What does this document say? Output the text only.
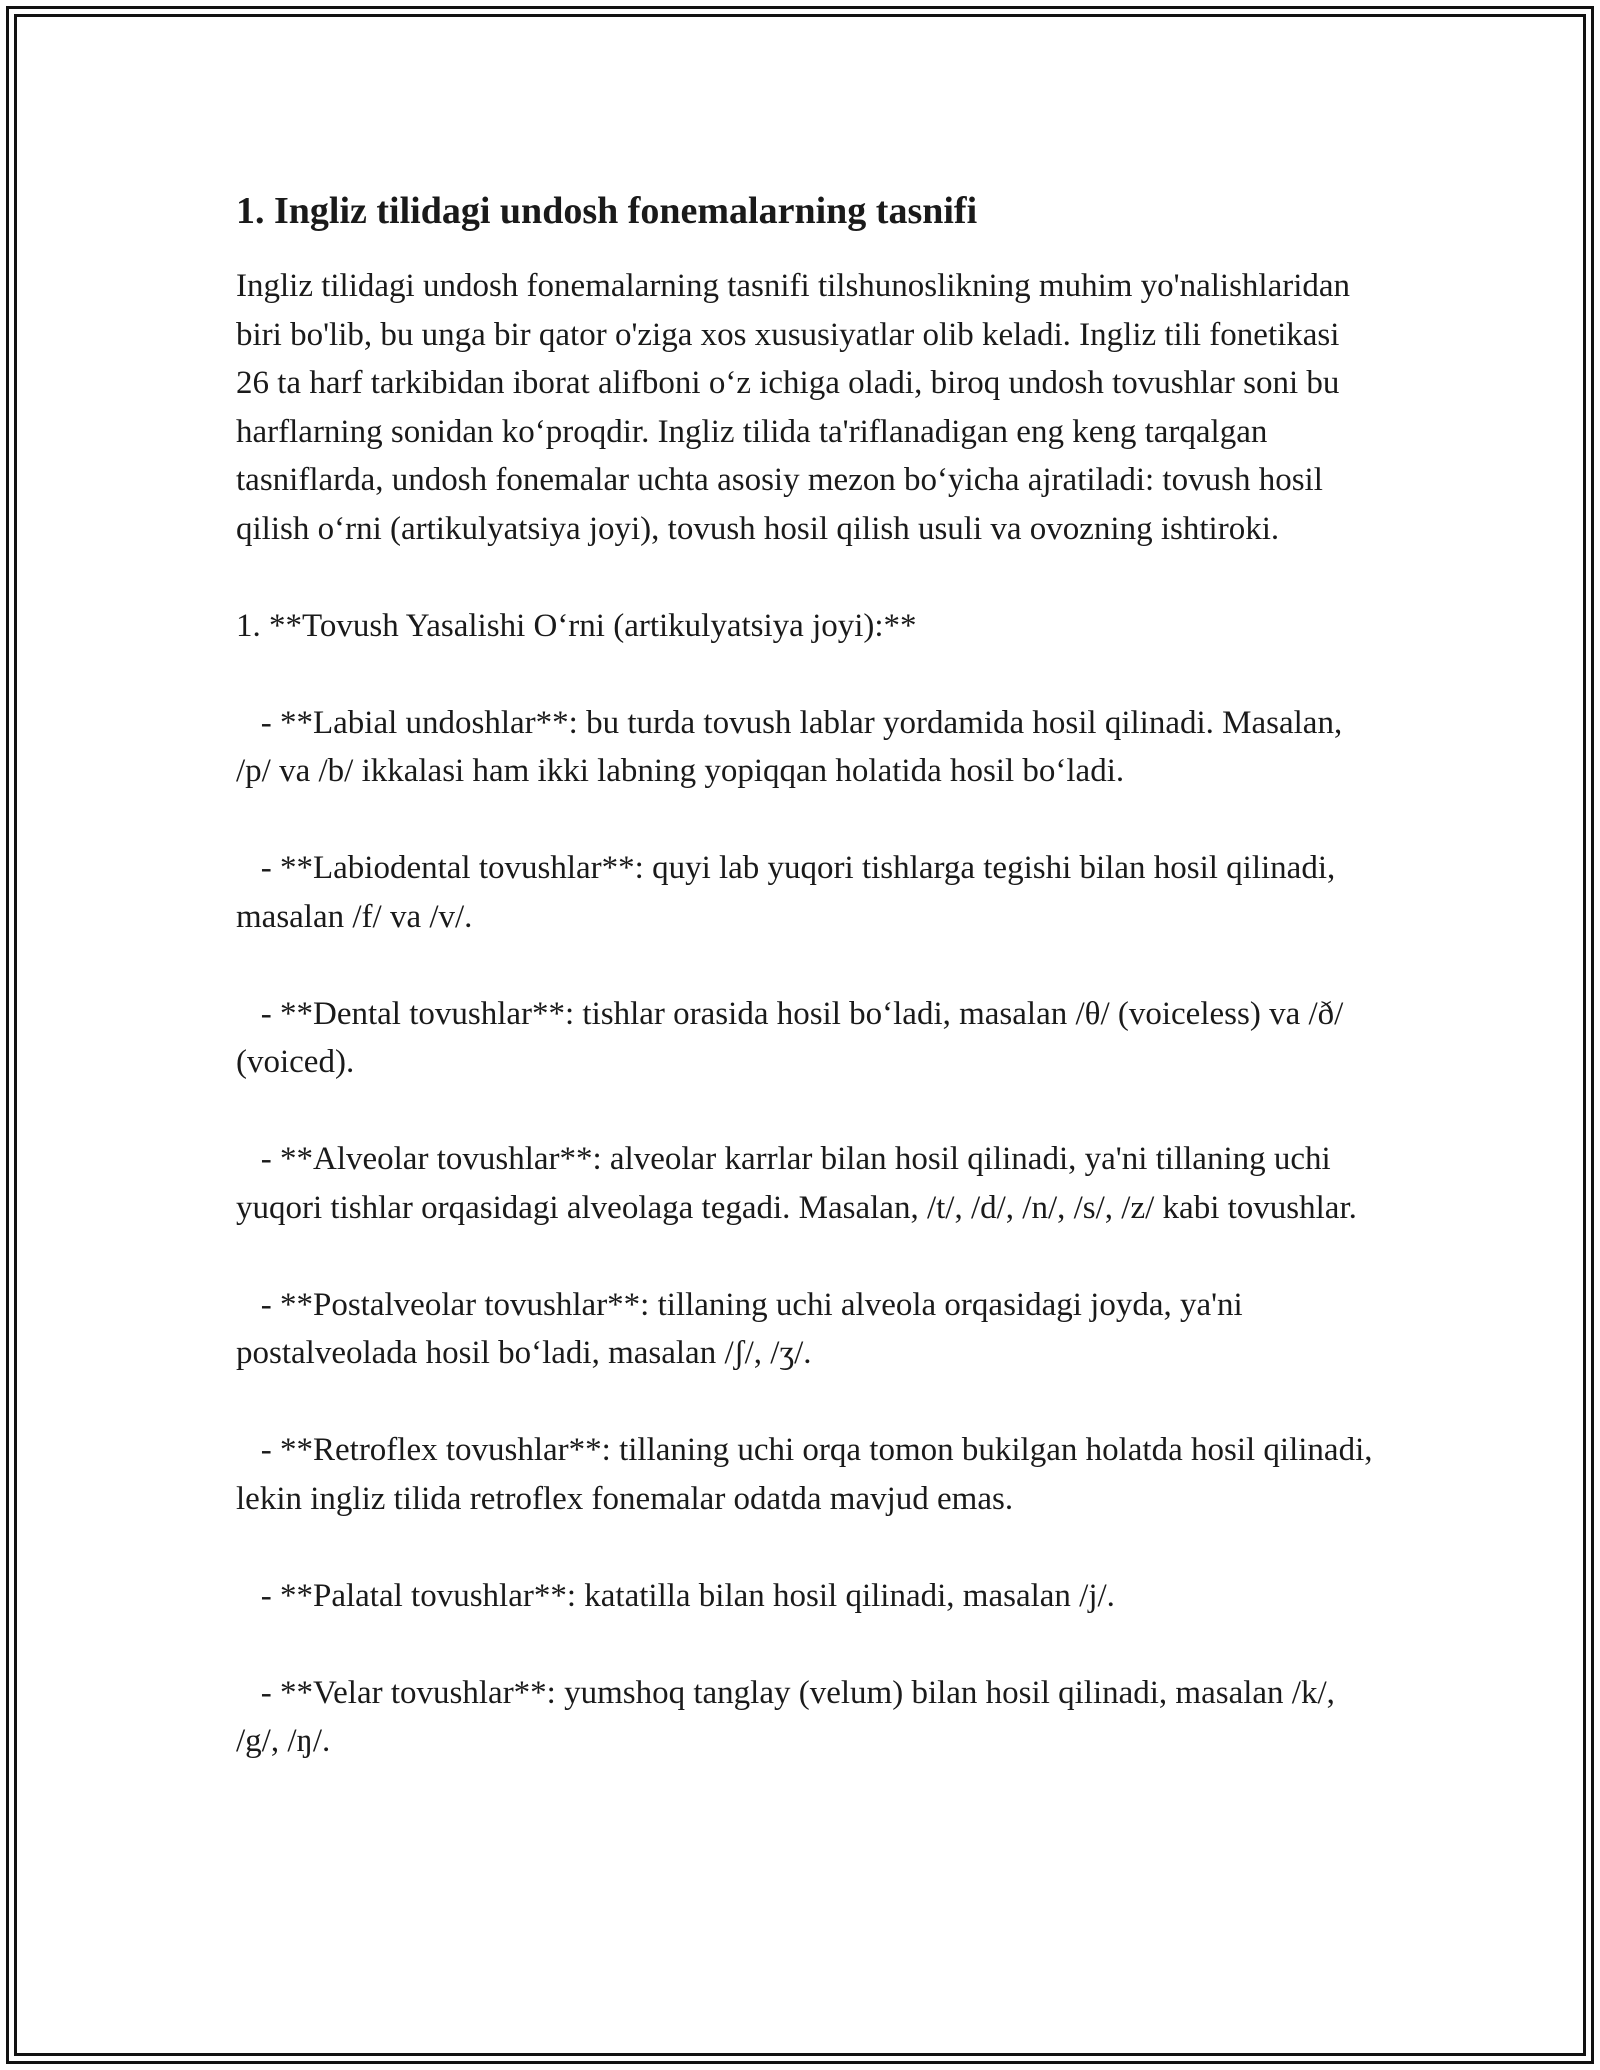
1. Ingliz tilidagi undosh fonemalarning tasnifi

Ingliz tilidagi undosh fonemalarning tasnifi tilshunoslikning muhim yo'nalishlaridan biri bo'lib, bu unga bir qator o'ziga xos xususiyatlar olib keladi. Ingliz tili fonetikasi 26 ta harf tarkibidan iborat alifboni o‘z ichiga oladi, biroq undosh tovushlar soni bu harflarning sonidan ko‘proqdir. Ingliz tilida ta'riflanadigan eng keng tarqalgan tasniflarda, undosh fonemalar uchta asosiy mezon bo‘yicha ajratiladi: tovush hosil qilish o‘rni (artikulyatsiya joyi), tovush hosil qilish usuli va ovozning ishtiroki.

1. **Tovush Yasalishi O‘rni (artikulyatsiya joyi):**

- **Labial undoshlar**: bu turda tovush lablar yordamida hosil qilinadi. Masalan, /p/ va /b/ ikkalasi ham ikki labning yopiqqan holatida hosil bo‘ladi.

- **Labiodental tovushlar**: quyi lab yuqori tishlarga tegishi bilan hosil qilinadi, masalan /f/ va /v/.

- **Dental tovushlar**: tishlar orasida hosil bo‘ladi, masalan /θ/ (voiceless) va /ð/ (voiced).

- **Alveolar tovushlar**: alveolar karrlar bilan hosil qilinadi, ya'ni tillaning uchi yuqori tishlar orqasidagi alveolaga tegadi. Masalan, /t/, /d/, /n/, /s/, /z/ kabi tovushlar.

- **Postalveolar tovushlar**: tillaning uchi alveola orqasidagi joyda, ya'ni postalveolada hosil bo‘ladi, masalan /ʃ/, /ʒ/.

- **Retroflex tovushlar**: tillaning uchi orqa tomon bukilgan holatda hosil qilinadi, lekin ingliz tilida retroflex fonemalar odatda mavjud emas.

- **Palatal tovushlar**: katatilla bilan hosil qilinadi, masalan /j/.

- **Velar tovushlar**: yumshoq tanglay (velum) bilan hosil qilinadi, masalan /k/, /g/, /ŋ/.
